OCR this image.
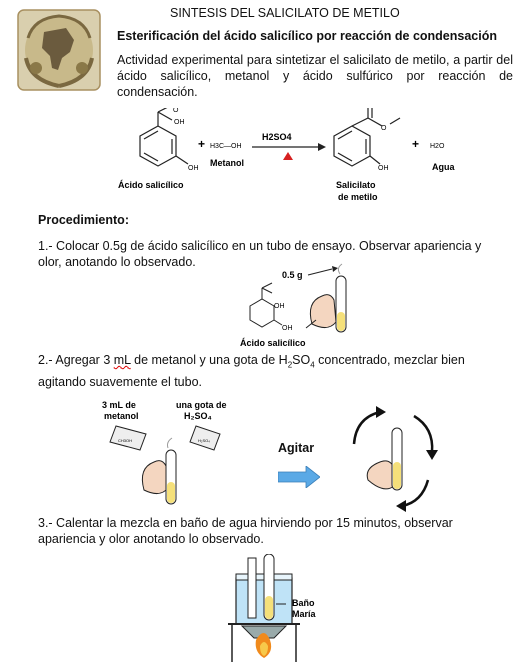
SINTESIS DEL SALICILATO DE METILO
Esterificación del ácido salicílico por reacción de condensación
Actividad experimental para sintetizar el salicilato de metilo, a partir del ácido salicílico, metanol y ácido sulfúrico por reacción de condensación.
O
OH
OH
Ácido salicílico
+ H3C—OH
Metanol
H2SO4
O
OH
Salicilato
de metilo
+ H2O
Agua
Procedimiento:
1.- Colocar 0.5g de ácido salicílico en un tubo de ensayo. Observar apariencia y olor, anotando lo observado.
0.5 g
OH
OH
Ácido salicílico
2.- Agregar 3 mL de metanol y una gota de $H_2SO_4$ concentrado, mezclar bien agitando suavemente el tubo.
3 mL de
metanol
una gota de
H₂SO₄
CH3OH	H₂SO₄
Agitar
3.- Calentar la mezcla en baño de agua hirviendo por 15 minutos, observar apariencia y olor anotando lo observado.
Baño
María
